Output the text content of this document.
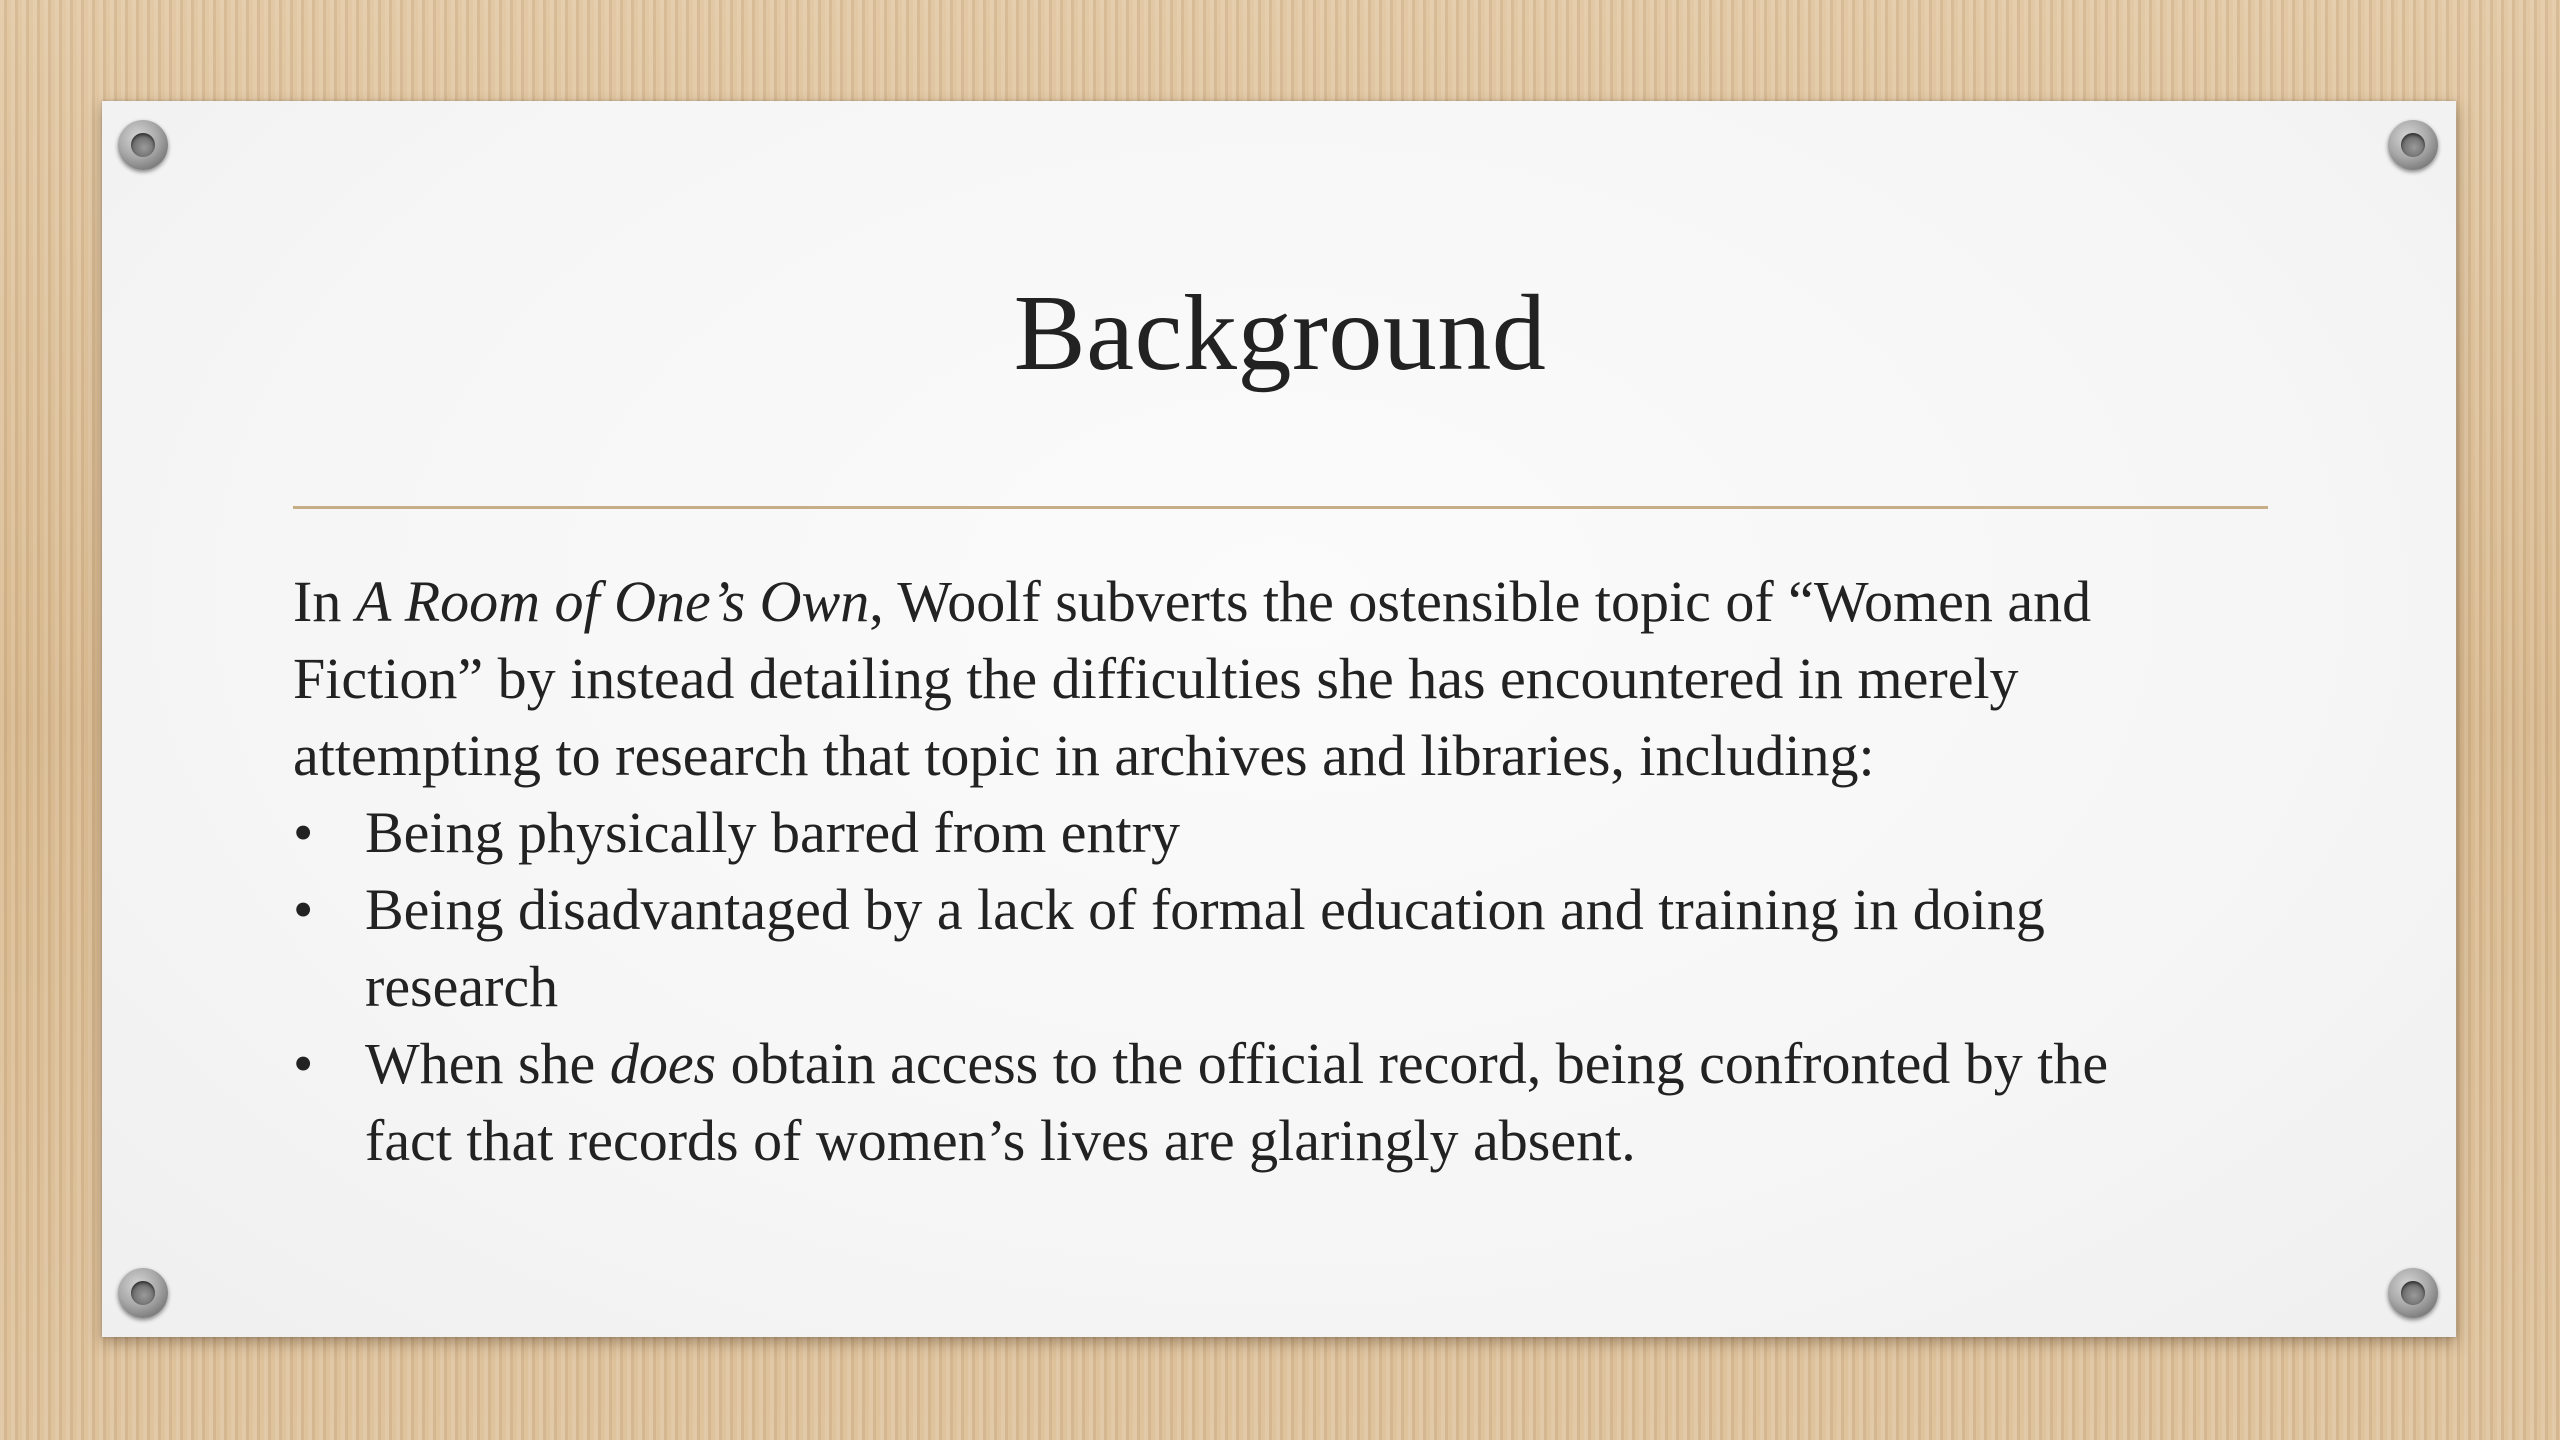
Background

In A Room of One’s Own, Woolf subverts the ostensible topic of “Women and Fiction” by instead detailing the difficulties she has encountered in merely attempting to research that topic in archives and libraries, including:

• Being physically barred from entry
• Being disadvantaged by a lack of formal education and training in doing research
• When she does obtain access to the official record, being confronted by the fact that records of women’s lives are glaringly absent.
